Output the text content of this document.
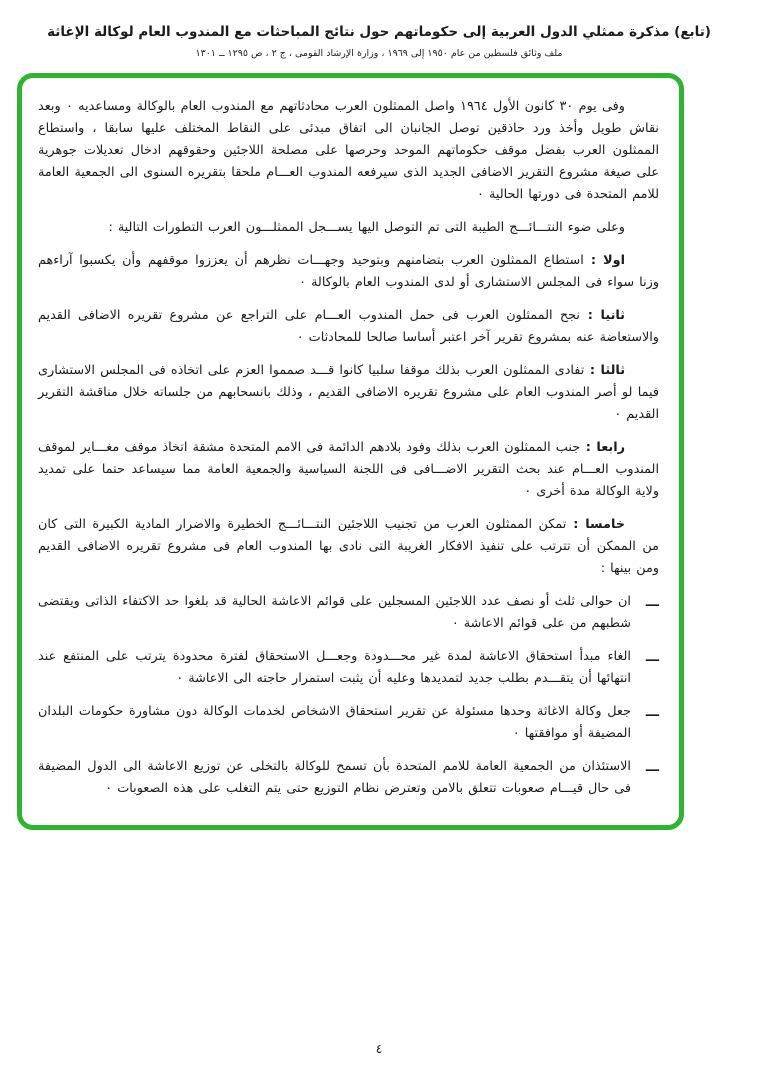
(تابع) مذكرة ممثلي الدول العربية إلى حكوماتهم حول نتائج المباحثات مع المندوب العام لوكالة الإغاثة
ملف وثائق فلسطين من عام ١٩٥٠ إلى ١٩٦٩ ، وزارة الإرشاد القومى ، ج ٢ ، ص ١٢٩٥ ــ ١٣٠١

وفى يوم ٣٠ كانون الأول ١٩٦٤ واصل الممثلون العرب محادثاتهم مع المندوب العام بالوكالة ومساعديه ٠ وبعد نقاش طويل وأخذ ورد حاذقين توصل الجانبان الى اتفاق مبدئى على النقاط المختلف عليها سابقا ، واستطاع الممثلون العرب بفضل موقف حكوماتهم الموحد وحرصها على مصلحة اللاجئين وحقوقهم ادخال تعديلات جوهرية على صيغة مشروع التقرير الاضافى الجديد الذى سيرفعه المندوب العـــام ملحقا بتقريره السنوى الى الجمعية العامة للامم المتحدة فى دورتها الحالية ٠

وعلى ضوء النتـــائـــج الطيبة التى تم التوصل اليها يســـجل الممثلـــون العرب التطورات التالية :

اولا : استطاع الممثلون العرب بتضامنهم وبتوحيد وجهـــات نظرهم أن يعززوا موقفهم وأن يكسبوا آراءهم وزنا سواء فى المجلس الاستشارى أو لدى المندوب العام بالوكالة ٠

ثانيا : نجح الممثلون العرب فى حمل المندوب العـــام على التراجع عن مشروع تقريره الاضافى القديم والاستعاضة عنه بمشروع تقرير آخر اعتبر أساسا صالحا للمحادثات ٠

ثالثا : تفادى الممثلون العرب بذلك موقفا سلبيا كانوا قـــد صمموا العزم على اتخاذه فى المجلس الاستشارى فيما لو أصر المندوب العام على مشروع تقريره الاضافى القديم ، وذلك بانسحابهم من جلساته خلال مناقشة التقرير القديم ٠

رابعا : جنب الممثلون العرب بذلك وفود بلادهم الدائمة فى الامم المتحدة مشقة اتخاذ موقف مغـــاير لموقف المندوب العـــام عند بحث التقرير الاضـــافى فى اللجنة السياسية والجمعية العامة مما سيساعد حتما على تمديد ولاية الوكالة مدة أخرى ٠

خامسا : تمكن الممثلون العرب من تجنيب اللاجئين النتـــائـــج الخطيرة والاضرار المادية الكبيرة التى كان من الممكن أن تترتب على تنفيذ الافكار الغريبة التى نادى بها المندوب العام فى مشروع تقريره الاضافى القديم ومن بينها :

ـــ
ان حوالى ثلث أو نصف عدد اللاجئين المسجلين على قوائم الاعاشة الحالية قد بلغوا حد الاكتفاء الذاتى ويقتضى شطبهم من على قوائم الاعاشة ٠
ـــ
الغاء مبدأ استحقاق الاعاشة لمدة غير محـــدودة وجعـــل الاستحقاق لفترة محدودة يترتب على المنتفع عند انتهائها أن يتقـــدم بطلب جديد لتمديدها وعليه أن يثبت استمرار حاجته الى الاعاشة ٠
ـــ
جعل وكالة الاغاثة وحدها مسئولة عن تقرير استحقاق الاشخاص لخدمات الوكالة دون مشاورة حكومات البلدان المضيفة أو موافقتها ٠
ـــ
الاستئذان من الجمعية العامة للامم المتحدة بأن تسمح للوكالة بالتخلى عن توزيع الاعاشة الى الدول المضيفة فى حال قيـــام صعوبات تتعلق بالامن وتعترض نظام التوزيع حتى يتم التغلب على هذه الصعوبات ٠
٤
